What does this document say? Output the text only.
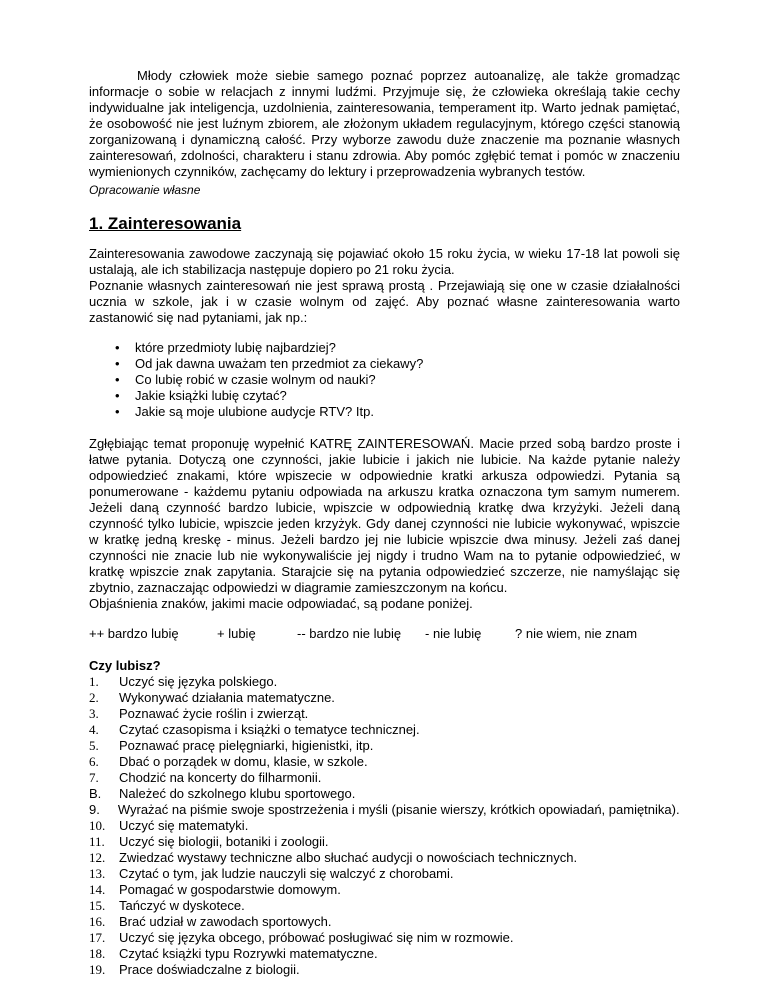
Młody człowiek może siebie samego poznać poprzez autoanalizę, ale także gromadząc informacje o sobie w relacjach z innymi ludźmi. Przyjmuje się, że człowieka określają takie cechy indywidualne jak inteligencja, uzdolnienia, zainteresowania, temperament itp. Warto jednak pamiętać, że osobowość nie jest luźnym zbiorem, ale złożonym układem regulacyjnym, którego części stanowią zorganizowaną i dynamiczną całość. Przy wyborze zawodu duże znaczenie ma poznanie własnych zainteresowań, zdolności, charakteru i stanu zdrowia. Aby pomóc zgłębić temat i pomóc w znaczeniu wymienionych czynników, zachęcamy do lektury i przeprowadzenia wybranych testów.

Opracowanie własne

1. Zainteresowania

Zainteresowania zawodowe zaczynają się pojawiać około 15 roku życia, w wieku 17-18 lat powoli się ustalają, ale ich stabilizacja następuje dopiero po 21 roku życia.

Poznanie własnych zainteresowań nie jest sprawą prostą . Przejawiają się one w czasie działalności ucznia w szkole, jak i w czasie wolnym od zajęć. Aby poznać własne zainteresowania warto zastanowić się nad pytaniami, jak np.:

• które przedmioty lubię najbardziej?
• Od jak dawna uważam ten przedmiot za ciekawy?
• Co lubię robić w czasie wolnym od nauki?
• Jakie książki lubię czytać?
• Jakie są moje ulubione audycje RTV? Itp.

Zgłębiając temat proponuję wypełnić KATRĘ ZAINTERESOWAŃ. Macie przed sobą bardzo proste i łatwe pytania. Dotyczą one czynności, jakie lubicie i jakich nie lubicie. Na każde pytanie należy odpowiedzieć znakami, które wpiszecie w odpowiednie kratki arkusza odpowiedzi. Pytania są ponumerowane - każdemu pytaniu odpowiada na arkuszu kratka oznaczona tym samym numerem. Jeżeli daną czynność bardzo lubicie, wpiszcie w odpowiednią kratkę dwa krzyżyki. Jeżeli daną czynność tylko lubicie, wpiszcie jeden krzyżyk. Gdy danej czynności nie lubicie wykonywać, wpiszcie w kratkę jedną kreskę - minus. Jeżeli bardzo jej nie lubicie wpiszcie dwa minusy. Jeżeli zaś danej czynności nie znacie lub nie wykonywaliście jej nigdy i trudno Wam na to pytanie odpowiedzieć, w kratkę wpiszcie znak zapytania. Starajcie się na pytania odpowiedzieć szczerze, nie namyślając się zbytnio, zaznaczając odpowiedzi w diagramie zamieszczonym na końcu.

Objaśnienia znaków, jakimi macie odpowiadać, są podane poniżej.

++ bardzo lubię	+ lubię	-- bardzo nie lubię	- nie lubię	? nie wiem, nie znam
Czy lubisz?
1. Uczyć się języka polskiego.
2. Wykonywać działania matematyczne.
3. Poznawać życie roślin i zwierząt.
4. Czytać czasopisma i książki o tematyce technicznej.
5. Poznawać pracę pielęgniarki, higienistki, itp.
6. Dbać o porządek w domu, klasie, w szkole.
7. Chodzić na koncerty do filharmonii.
B. Należeć do szkolnego klubu sportowego.
9. Wyrażać na piśmie swoje spostrzeżenia i myśli (pisanie wierszy, krótkich opowiadań, pamiętnika).
10. Uczyć się matematyki.
11. Uczyć się biologii, botaniki i zoologii.
12. Zwiedzać wystawy techniczne albo słuchać audycji o nowościach technicznych.
13. Czytać o tym, jak ludzie nauczyli się walczyć z chorobami.
14. Pomagać w gospodarstwie domowym.
15. Tańczyć w dyskotece.
16. Brać udział w zawodach sportowych.
17. Uczyć się języka obcego, próbować posługiwać się nim w rozmowie.
18. Czytać książki typu Rozrywki matematyczne.
19. Prace doświadczalne z biologii.
